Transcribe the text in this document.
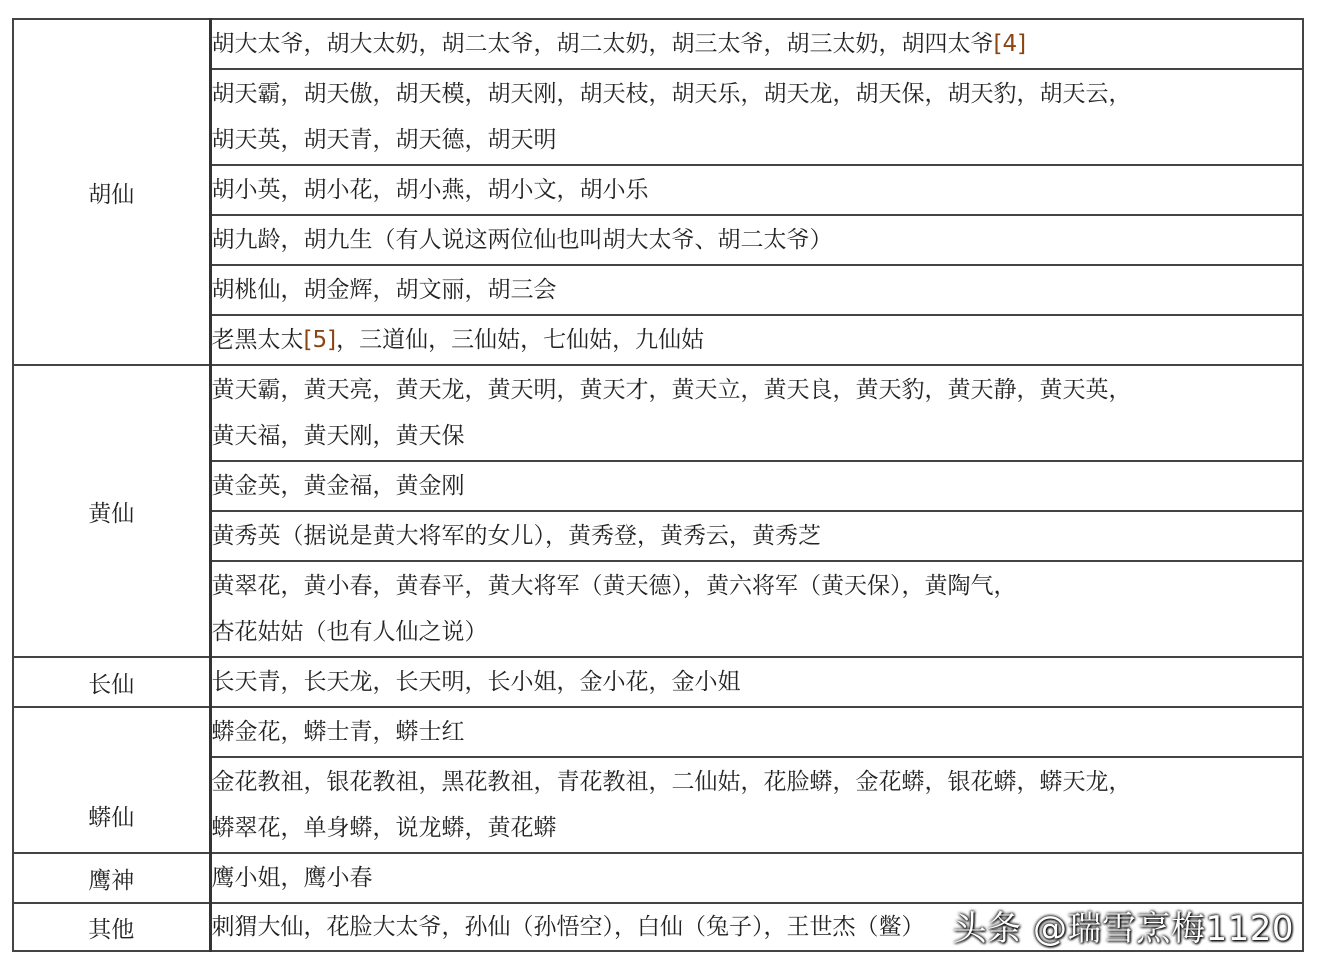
胡仙	胡大太爷，胡大太奶，胡二太爷，胡二太奶，胡三太爷，胡三太奶，胡四太爷[4]

	胡天霸，胡天傲，胡天模，胡天刚，胡天枝，胡天乐，胡天龙，胡天保，胡天豹，胡天云，
胡天英，胡天青，胡天德，胡天明

	胡小英，胡小花，胡小燕，胡小文，胡小乐
	胡九龄，胡九生（有人说这两位仙也叫胡大太爷、胡二太爷）
	胡桃仙，胡金辉，胡文丽，胡三会
	老黑太太[5]，三道仙，三仙姑，七仙姑，九仙姑
黄仙	黄天霸，黄天亮，黄天龙，黄天明，黄天才，黄天立，黄天良，黄天豹，黄天静，黄天英，
黄天福，黄天刚，黄天保

	黄金英，黄金福，黄金刚
	黄秀英（据说是黄大将军的女儿），黄秀登，黄秀云，黄秀芝

	黄翠花，黄小春，黄春平，黄大将军（黄天德），黄六将军（黄天保），黄陶气，
杏花姑姑（也有人仙之说）

长仙	长天青，长天龙，长天明，长小姐，金小花，金小姐
蟒仙	蟒金花，蟒士青，蟒士红

	金花教祖，银花教祖，黑花教祖，青花教祖，二仙姑，花脸蟒，金花蟒，银花蟒，蟒天龙，
蟒翠花，单身蟒，说龙蟒，黄花蟒

鹰神	鹰小姐，鹰小春
其他	刺猬大仙，花脸大太爷，孙仙（孙悟空），白仙（兔子），王世杰（鳖） 头条 @瑞雪烹梅1120
